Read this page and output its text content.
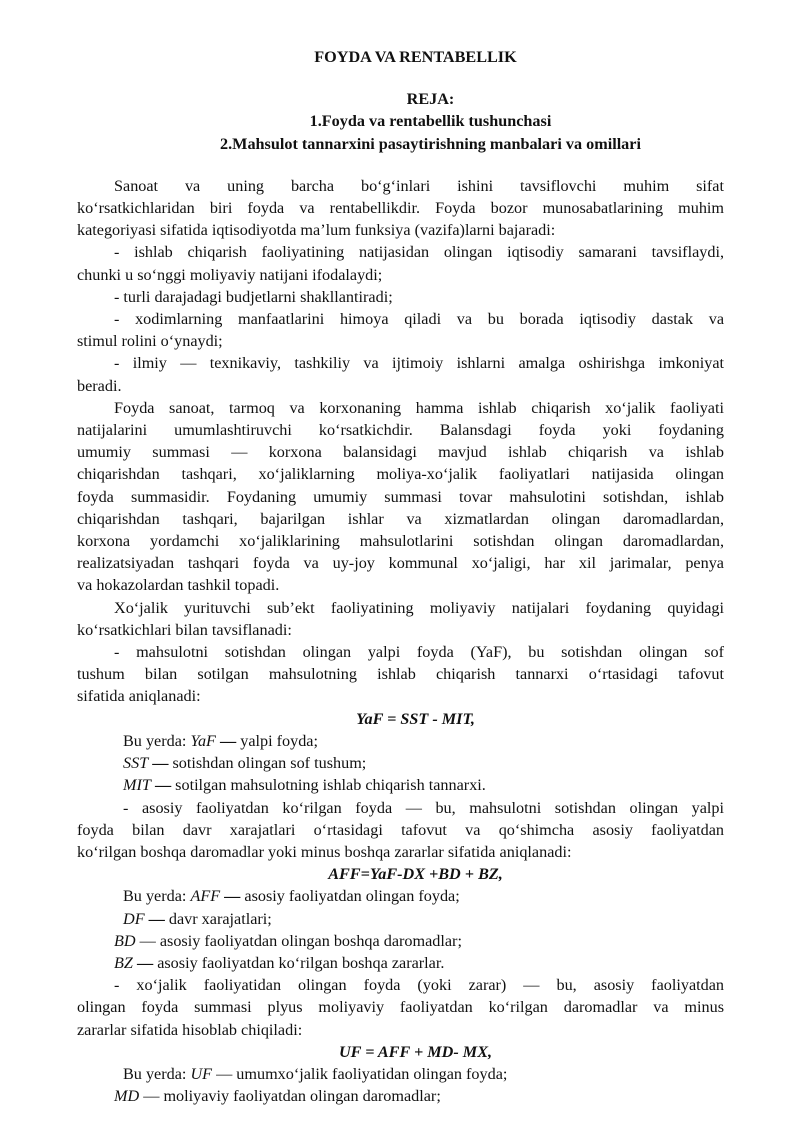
FOYDA VA RENTABELLIK

REJA:

1.Foyda va rentabellik tushunchasi

2.Mahsulot tannarxini pasaytirishning manbalari va omillari

Sanoat va uning barcha bo‘g‘inlari ishini tavsiflovchi muhim sifat

ko‘rsatkichlaridan biri foyda va rentabellikdir. Foyda bozor munosabatlarining muhim

kategoriyasi sifatida iqtisodiyotda ma’lum funksiya (vazifa)larni bajaradi:

- ishlab chiqarish faoliyatining natijasidan olingan iqtisodiy samarani tavsiflaydi,

chunki u so‘nggi moliyaviy natijani ifodalaydi;

- turli darajadagi budjetlarni shakllantiradi;

- xodimlarning manfaatlarini himoya qiladi va bu borada iqtisodiy dastak va

stimul rolini o‘ynaydi;

- ilmiy — texnikaviy, tashkiliy va ijtimoiy ishlarni amalga oshirishga imkoniyat

beradi.

Foyda sanoat, tarmoq va korxonaning hamma ishlab chiqarish xo‘jalik faoliyati

natijalarini umumlashtiruvchi ko‘rsatkichdir. Balansdagi foyda yoki foydaning

umumiy summasi — korxona balansidagi mavjud ishlab chiqarish va ishlab

chiqarishdan tashqari, xo‘jaliklarning moliya-xo‘jalik faoliyatlari natijasida olingan

foyda summasidir. Foydaning umumiy summasi tovar mahsulotini sotishdan, ishlab

chiqarishdan tashqari, bajarilgan ishlar va xizmatlardan olingan daromadlardan,

korxona yordamchi xo‘jaliklarining mahsulotlarini sotishdan olingan daromadlardan,

realizatsiyadan tashqari foyda va uy-joy kommunal xo‘jaligi, har xil jarimalar, penya

va hokazolardan tashkil topadi.

Xo‘jalik yurituvchi sub’ekt faoliyatining moliyaviy natijalari foydaning quyidagi

ko‘rsatkichlari bilan tavsiflanadi:

- mahsulotni sotishdan olingan yalpi foyda (YaF), bu sotishdan olingan sof

tushum bilan sotilgan mahsulotning ishlab chiqarish tannarxi o‘rtasidagi tafovut

sifatida aniqlanadi:

YaF = SST - MIT,

Bu yerda: YaF — yalpi foyda;

SST — sotishdan olingan sof tushum;

MIT — sotilgan mahsulotning ishlab chiqarish tannarxi.

- asosiy faoliyatdan ko‘rilgan foyda — bu, mahsulotni sotishdan olingan yalpi

foyda bilan davr xarajatlari o‘rtasidagi tafovut va qo‘shimcha asosiy faoliyatdan

ko‘rilgan boshqa daromadlar yoki minus boshqa zararlar sifatida aniqlanadi:

AFF=YaF-DX +BD + BZ,

Bu yerda: AFF — asosiy faoliyatdan olingan foyda;

DF — davr xarajatlari;

BD — asosiy faoliyatdan olingan boshqa daromadlar;

BZ — asosiy faoliyatdan ko‘rilgan boshqa zararlar.

- xo‘jalik faoliyatidan olingan foyda (yoki zarar) — bu, asosiy faoliyatdan

olingan foyda summasi plyus moliyaviy faoliyatdan ko‘rilgan daromadlar va minus

zararlar sifatida hisoblab chiqiladi:

UF = AFF + MD- MX,

Bu yerda: UF — umumxo‘jalik faoliyatidan olingan foyda;

MD — moliyaviy faoliyatdan olingan daromadlar;
